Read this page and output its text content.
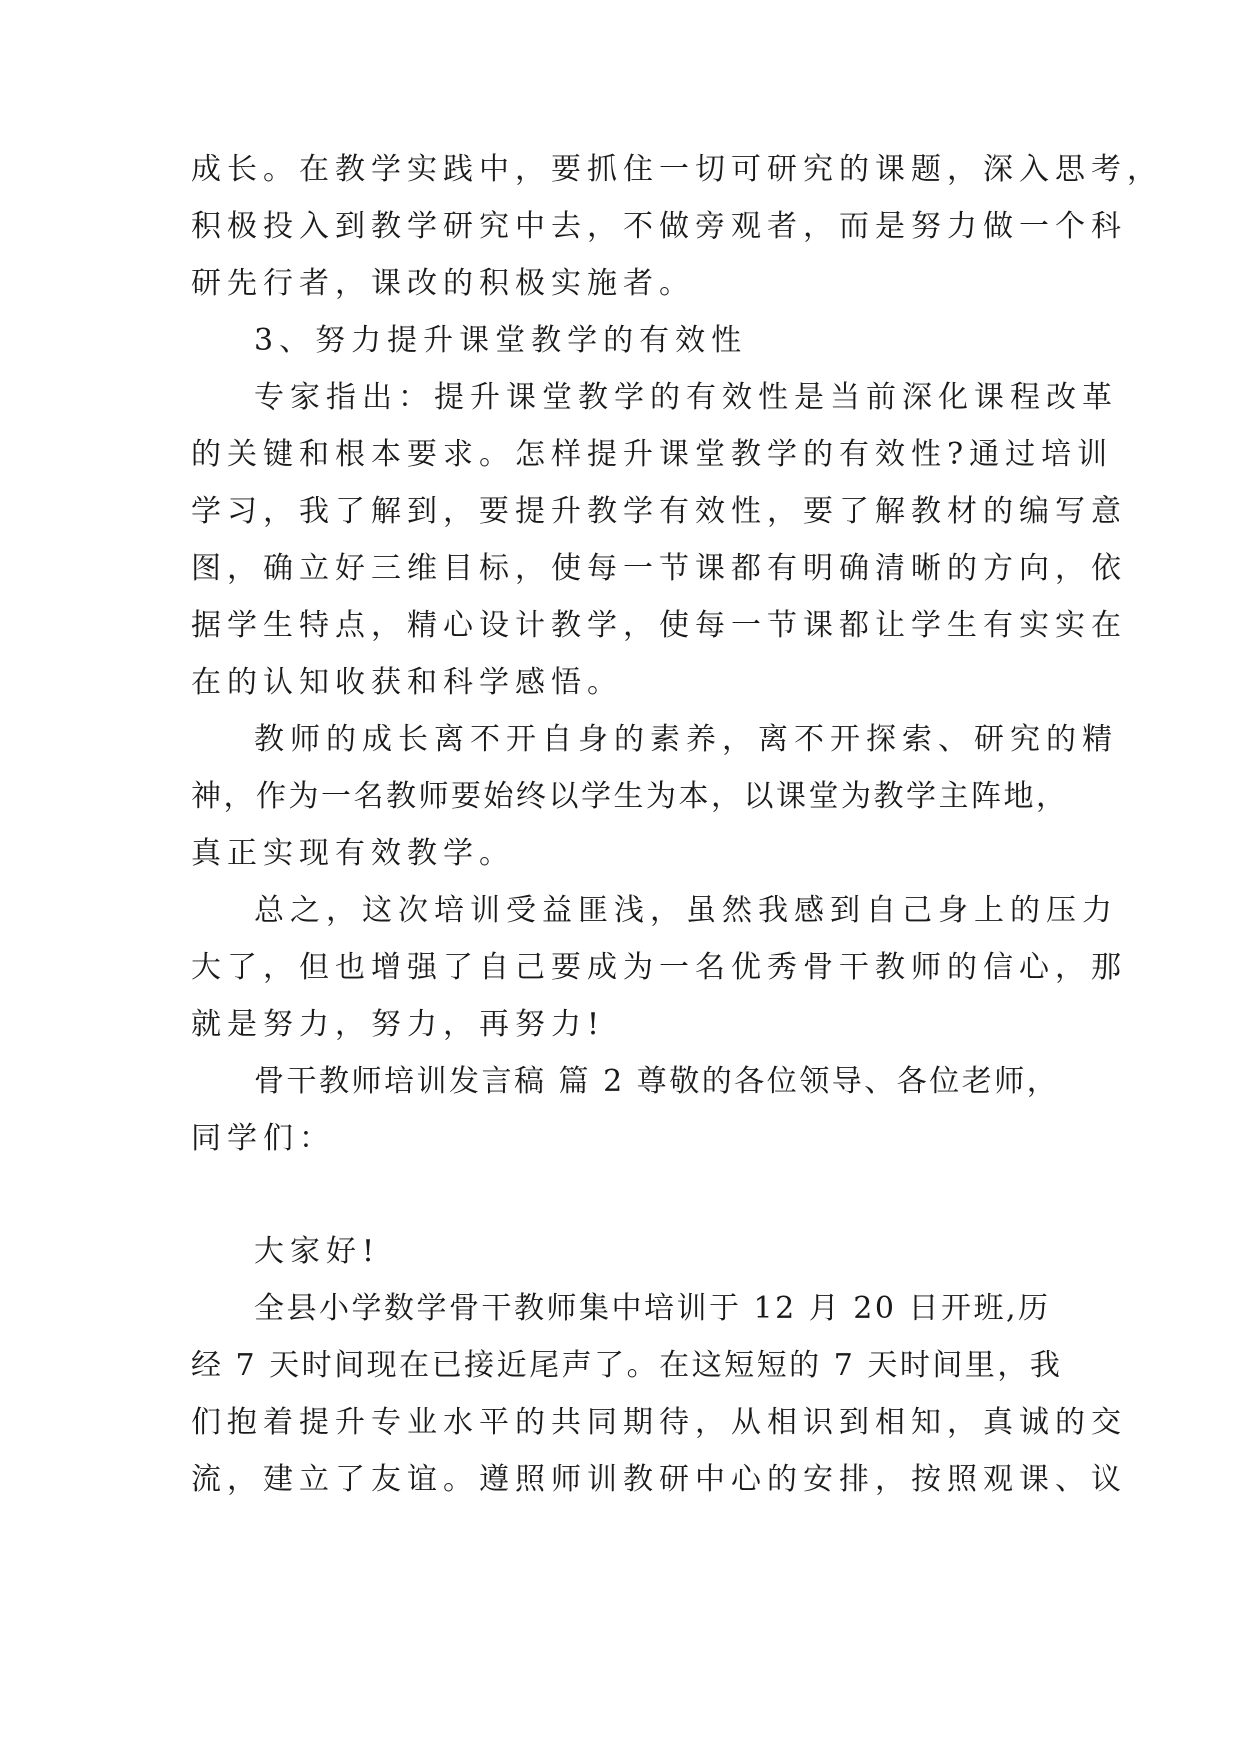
成长。在教学实践中，要抓住一切可研究的课题，深入思考，
积极投入到教学研究中去，不做旁观者，而是努力做一个科
研先行者，课改的积极实施者。
3、努力提升课堂教学的有效性
专家指出：提升课堂教学的有效性是当前深化课程改革
的关键和根本要求。怎样提升课堂教学的有效性?通过培训
学习，我了解到，要提升教学有效性，要了解教材的编写意
图，确立好三维目标，使每一节课都有明确清晰的方向，依
据学生特点，精心设计教学，使每一节课都让学生有实实在
在的认知收获和科学感悟。
教师的成长离不开自身的素养，离不开探索、研究的精
神，作为一名教师要始终以学生为本，以课堂为教学主阵地，
真正实现有效教学。
总之，这次培训受益匪浅，虽然我感到自己身上的压力
大了，但也增强了自己要成为一名优秀骨干教师的信心，那
就是努力，努力，再努力!
骨干教师培训发言稿 篇 2 尊敬的各位领导、各位老师，
同学们：
大家好!
全县小学数学骨干教师集中培训于 12 月 20 日开班,历
经 7 天时间现在已接近尾声了。在这短短的 7 天时间里，我
们抱着提升专业水平的共同期待，从相识到相知，真诚的交
流，建立了友谊。遵照师训教研中心的安排，按照观课、议
